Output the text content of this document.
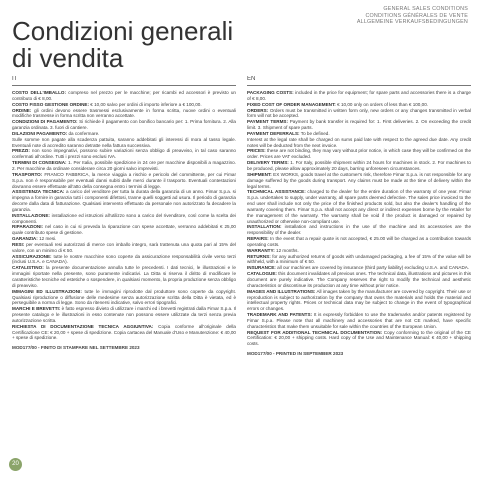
Condizioni generali
di vendita
GENERAL SALES CONDITIONS
CONDITIONS GÉNÉRALES DE VENTE
ALLGEMEINE VERKAUFSBEDINGUNGEN
IT

COSTO DELL'IMBALLO: compreso nel prezzo per le macchine; per ricambi ed accessori è previsto un contributo di € 8,00.

COSTO FISSO GESTIONE ORDINE: € 10,00 salvo per ordini di importo inferiore a € 100,00.

ORDINE: gli ordini devono essere trasmessi esclusivamente in forma scritta, nuove ordini o eventuali modifiche trasmesse in forma scritta non verranno accettate.

CONDIZIONI DI PAGAMENTO: Si richiede il pagamento con bonifico bancario per: 1. Prima fornitura. 2. Alla garanzia ordinata. 3. fuori di cantiere.

DILAZIONI PAGAMENTO: da confermare.

Sulle somme non pagate alla scadenza pattuita, saranno addebitati gli interessi di mora al tasso legale. Eventuali note di accredito saranno detratte nella fattura successiva.

PREZZI: non sono impegnativi, possono subire variazioni senza obbligo di preavviso, in tal caso saranno confermati all'ordine. Tutti i prezzi sono esclusi IVA.

TERMINI DI CONSEGNA: 1. Per Italia, possibile spedizione in 24 ore per macchine disponibili a magazzino. 2. Per macchine da ordinare considerare circa 20 giorni salvo imprevisti.

TRASPORTO: FRANCO FABBRICA, la merce viaggia a rischio e pericolo del committente, per cui Fimar S.p.a. non è responsabile per eventuali danni subiti dalle merci durante il trasporto. Eventuali contestazioni dovranno essere effettuate all'atto della consegna entro i termini di legge.

ASSISTENZA TECNICA: a carico del venditore per tutta la durata della garanzia di un anno. Fimar S.p.a. si impegna a fornire in garanzia tutti i componenti difettosi, tranne quelli soggetti ad usura. Il periodo di garanzia decorre dalla data di fatturazione. Qualsiasi intervento effettuato da personale non autorizzato fa decadere la garanzia.

INSTALLAZIONE: installazione ed istruzioni all'utilizzo sono a carico del rivenditore, così come la scelta dei componenti.

RIPARAZIONI: nel caso in cui si preveda la riparazione con spese accettate, verranno addebitati € 25,00 quale contributo spese di gestione.

GARANZIA: 12 mesi.

RESI: per eventuali resi autorizzati di merce con imballo integro, sarà trattenuta una quota pari al 15% del valore, con un minimo di € 50.

ASSICURAZIONE: tutte le nostre macchine sono coperte da assicurazione responsabilità civile verso terzi (inclusi U.S.A. e CANADA).

CATALISTINO: la presente documentazione annulla tutte le precedenti. I dati tecnici, le illustrazioni e le immagini riportate nella presente, sono puramente indicativi. La Ditta si riserva il diritto di modificare le caratteristiche tecniche ed estetiche o sospendere, in qualsiasi momento, la propria produzione senza obbligo di preavviso.

IMMAGINI ED ILLUSTRAZIONI: tutte le immagini riprodotte dal produttore sono coperte da copyright. Qualsiasi riproduzione o diffusione delle medesime senza autorizzazione scritta della Ditta è vietata, ed è perseguibile a norma di legge. Sono da ritenersi indicative, salvo errori tipografici.

MARCHI E BREVETTI: è fatto espresso divieto di utilizzare i marchi ed i brevetti registrati dalla Fimar S.p.a. Il presente catalogo e le illustrazioni in esso contenute non possono essere utilizzate da terzi senza previa autorizzazione scritta.

RICHIESTA DI DOCUMENTAZIONE TECNICA AGGIUNTIVA: Copia conforme all'originale della Certificazione CE: € 20,00 + spese di spedizione. Copia cartacea del Manuale d'Uso e Manutenzione: € 40,00 + spese di spedizione.

MOD177/00 - FINITO DI STAMPARE NEL SETTEMBRE 2023
EN

PACKAGING COSTS: included in the price for equipment; for spare parts and accessories there is a charge of € 8,00.

FIXED COST OF ORDER MANAGEMENT: € 10,00 only on orders of less than € 100,00.

ORDERS: Orders must be transmitted in written form only, new orders or any changes transmitted in verbal form will not be accepted.

PAYMENT TERMS: Payment by bank transfer is required for: 1. First deliveries. 2. On exceeding the credit limit. 3. Shipment of spare parts.

PAYMENT DEFERRALS: To be defined.

Interest at the legal rate shall be charged on sums paid late with respect to the agreed due date. Any credit notes will be deducted from the next invoice.

PRICES: these are not binding, they may vary without prior notice, in which case they will be confirmed on the order. Prices are VAT excluded.

DELIVERY TERMS: 1. For Italy, possible shipment within 24 hours for machines in stock. 2. For machines to be produced, please allow approximately 20 days, barring unforeseen circumstances.

SHIPMENT: EX WORKS, goods travel at the customer's risk, therefore Fimar S.p.a. is not responsible for any damage suffered by the goods during transport. Any claims must be made at the time of delivery within the legal terms.

TECHNICAL ASSISTANCE: charged to the dealer for the entire duration of the warranty of one year. Fimar S.p.a. undertakes to supply, under warranty, all spare parts deemed defective. The sales price invoiced to the end user shall include not only the price of the finished products sold, but also the dealer's handling of the warranty covering them. Fimar S.p.a. shall not accept any direct or indirect expenses borne by the retailer for the management of the warranty. The warranty shall be void if the product is damaged or repaired by unauthorized or otherwise non-compliant use.

INSTALLATION: installation and instructions in the use of the machine and its accessories are the responsibility of the dealer.

REPAIRS: In the event that a repair quote is not accepted, € 25.00 will be charged as a contribution towards operating costs.

WARRANTY: 12 months.

RETURNS: for any authorized returns of goods with undamaged packaging, a fee of 15% of the value will be withheld, with a minimum of € 50.

INSURANCE: all our machines are covered by insurance (third party liability) excluding U.S.A. and CANADA.

CATALOGUE: this document invalidates all previous ones. The technical data, illustrations and pictures in this document are purely indicative. The Company reserves the right to modify the technical and aesthetic characteristics or discontinue its production at any time without prior notice.

IMAGES AND ILLUSTRATIONS: All images taken by the manufacturer are covered by copyright. Their use or reproduction is subject to authorization by the company that owns the materials and holds the material and intellectual property rights. Prices or technical data may be subject to change in the event of typographical errors or changes.

TRADEMARK AND PATENTS: It is expressly forbidden to use the trademarks and/or patents registered by Fimar S.p.a. Please note that all machinery and accessories that are not CE marked, have specific characteristics that make them unsuitable for sale within the countries of the European Union.

REQUEST FOR ADDITIONAL TECHNICAL DOCUMENTATION: Copy conforming to the original of the CE Certification: € 20,00 + shipping costs. Hard copy of the Use and Maintenance Manual: € 40,00 + shipping costs.

MOD177/00 - PRINTED IN SEPTEMBER 2023
20
